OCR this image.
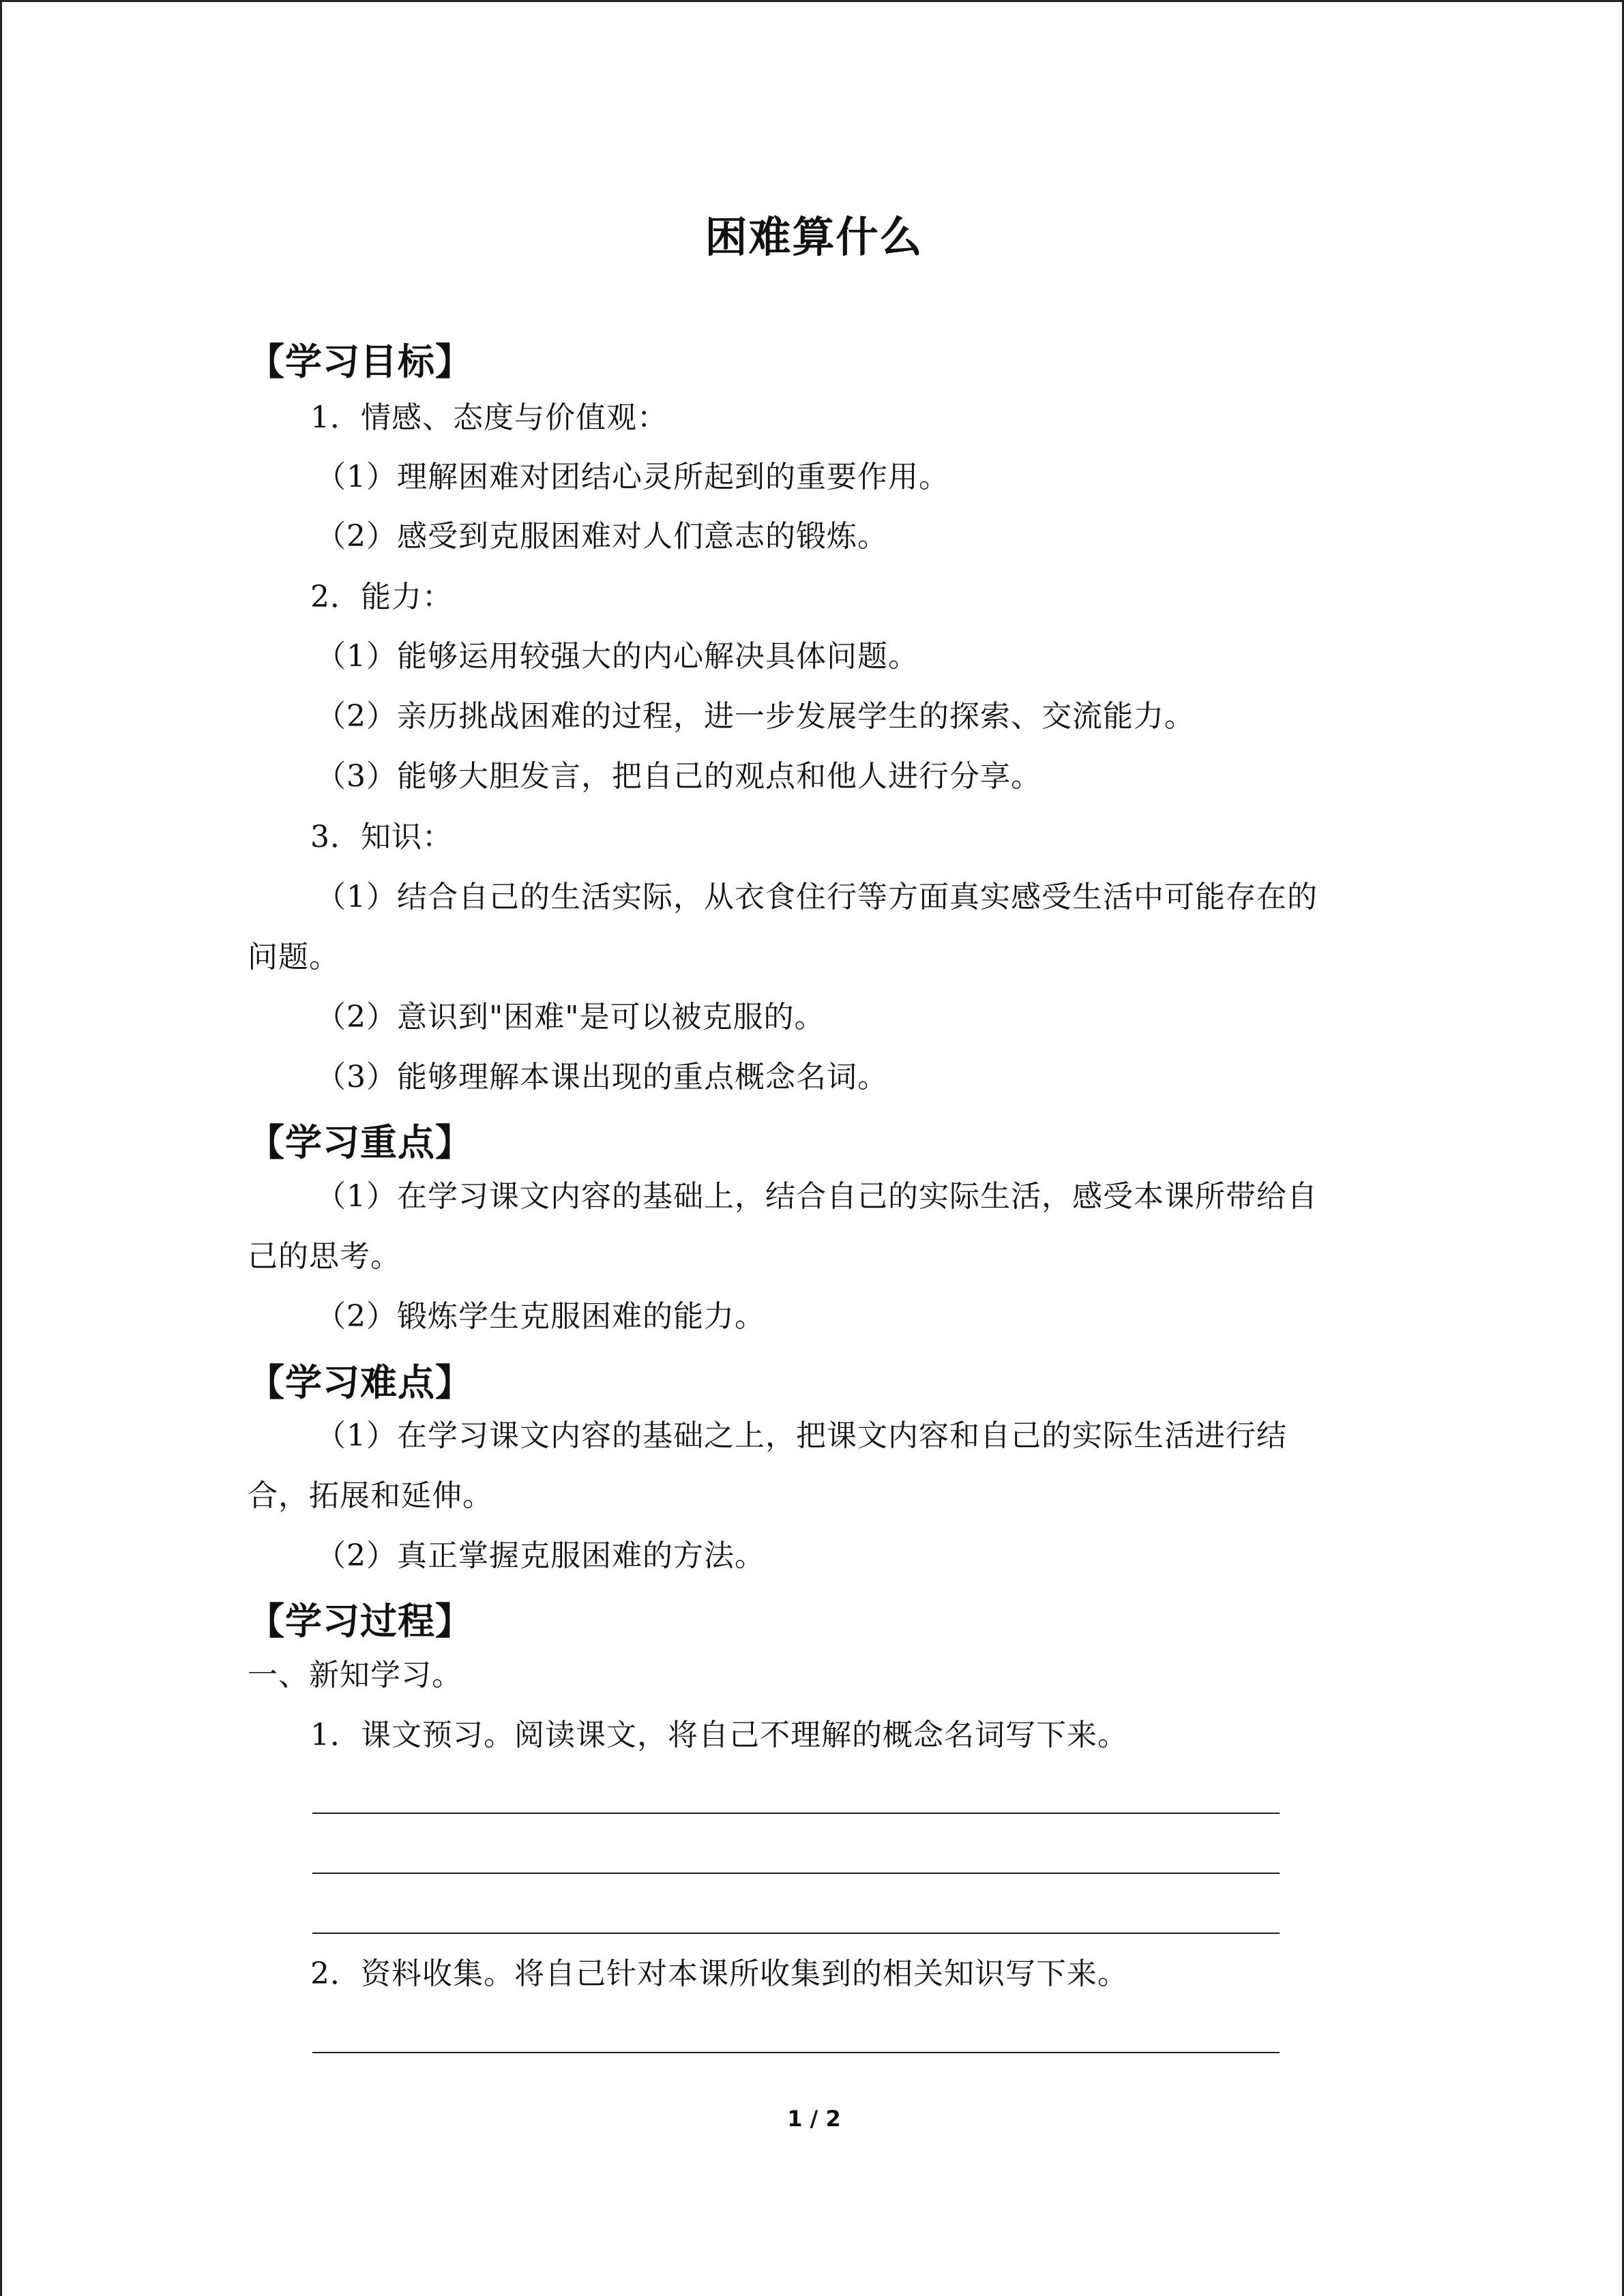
困难算什么
【学习目标】
1．情感、态度与价值观：
（1）理解困难对团结心灵所起到的重要作用。
（2）感受到克服困难对人们意志的锻炼。
2．能力：
（1）能够运用较强大的内心解决具体问题。
（2）亲历挑战困难的过程，进一步发展学生的探索、交流能力。
（3）能够大胆发言，把自己的观点和他人进行分享。
3．知识：
（1）结合自己的生活实际，从衣食住行等方面真实感受生活中可能存在的
问题。
（2）意识到"困难"是可以被克服的。
（3）能够理解本课出现的重点概念名词。
【学习重点】
（1）在学习课文内容的基础上，结合自己的实际生活，感受本课所带给自
己的思考。
（2）锻炼学生克服困难的能力。
【学习难点】
（1）在学习课文内容的基础之上，把课文内容和自己的实际生活进行结
合，拓展和延伸。
（2）真正掌握克服困难的方法。
【学习过程】
一、新知学习。
1．课文预习。阅读课文，将自己不理解的概念名词写下来。
2．资料收集。将自己针对本课所收集到的相关知识写下来。
1 / 2
